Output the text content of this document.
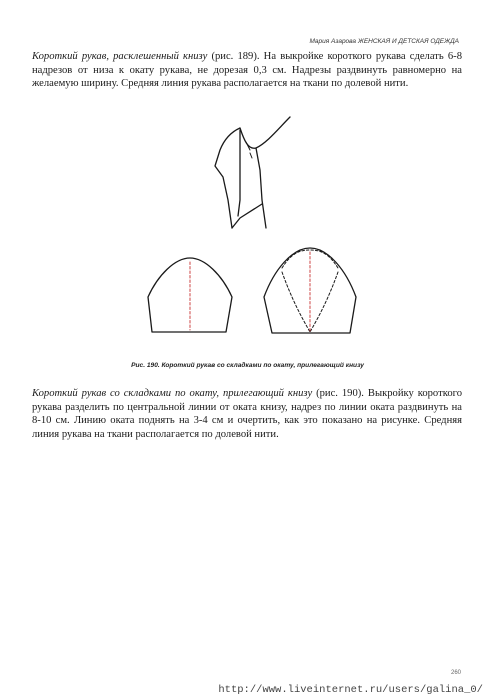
Мария Азарова ЖЕНСКАЯ И ДЕТСКАЯ ОДЕЖДА

Короткий рукав, расклешенный книзу (рис. 189). На выкройке короткого рукава сделать 6-8 надрезов от низа к окату рукава, не дорезая 0,3 см. Надрезы раздвинуть равномерно на желаемую ширину. Средняя линия рукава располагается на ткани по долевой нити.

Рис. 190. Короткий рукав со складками по окату, прилегающий книзу

Короткий рукав со складками по окату, прилегающий книзу (рис. 190). Выкройку короткого рукава разделить по центральной линии от оката книзу, надрез по линии оката раздвинуть на 8-10 см. Линию оката поднять на 3-4 см и очертить, как это показано на рисунке. Средняя линия рукава на ткани располагается по долевой нити.

260
http://www.liveinternet.ru/users/galina_0/
